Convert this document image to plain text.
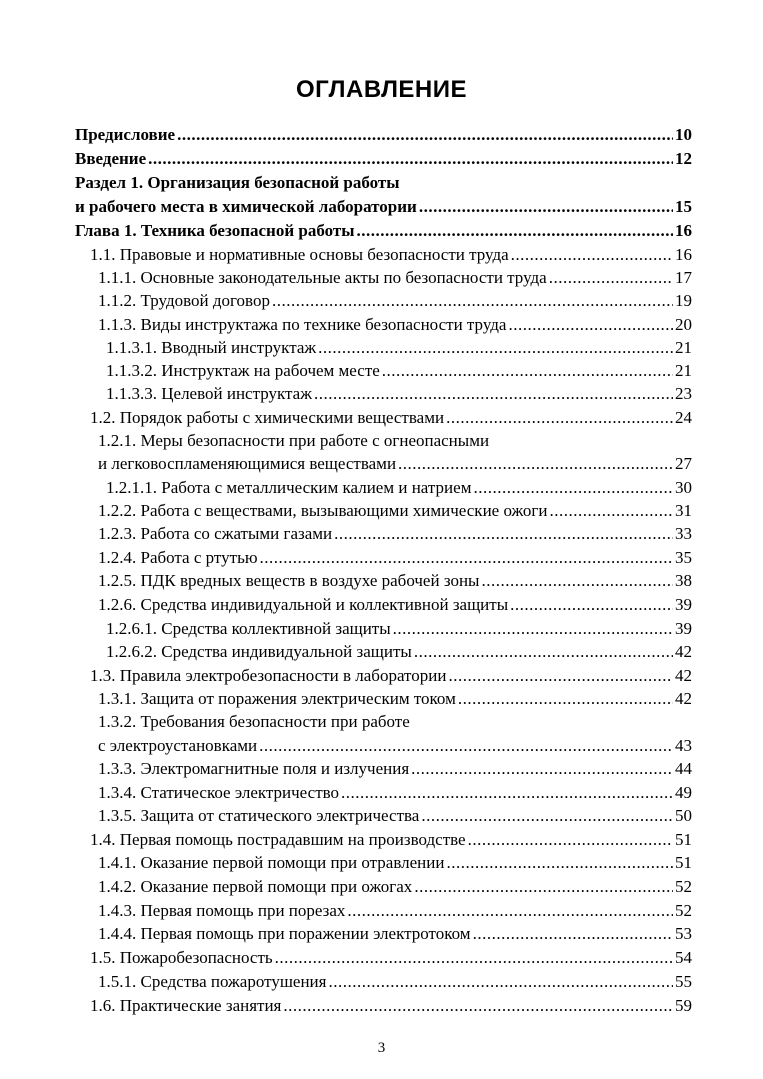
ОГЛАВЛЕНИЕ
Предисловие .....	10
Введение .....	12
Раздел 1. Организация безопасной работы
и рабочего места в химической лаборатории .....	15
Глава 1. Техника безопасной работы .....	16
1.1. Правовые и нормативные основы безопасности труда .....	16
1.1.1. Основные законодательные акты по безопасности труда .....	17
1.1.2. Трудовой договор .....	19
1.1.3. Виды инструктажа по технике безопасности труда .....	20
1.1.3.1. Вводный инструктаж .....	21
1.1.3.2. Инструктаж на рабочем месте .....	21
1.1.3.3. Целевой инструктаж .....	23
1.2. Порядок работы с химическими веществами .....	24
1.2.1. Меры безопасности при работе с огнеопасными
и легковоспламеняющимися веществами .....	27
1.2.1.1. Работа с металлическим калием и натрием .....	30
1.2.2. Работа с веществами, вызывающими химические ожоги .....	31
1.2.3. Работа со сжатыми газами .....	33
1.2.4. Работа с ртутью .....	35
1.2.5. ПДК вредных веществ в воздухе рабочей зоны .....	38
1.2.6. Средства индивидуальной и коллективной защиты .....	39
1.2.6.1. Средства коллективной защиты .....	39
1.2.6.2. Средства индивидуальной защиты .....	42
1.3. Правила электробезопасности в лаборатории .....	42
1.3.1. Защита от поражения электрическим током .....	42
1.3.2. Требования безопасности при работе
с электроустановками .....	43
1.3.3. Электромагнитные поля и излучения .....	44
1.3.4. Статическое электричество .....	49
1.3.5. Защита от статического электричества .....	50
1.4. Первая помощь пострадавшим на производстве .....	51
1.4.1. Оказание первой помощи при отравлении .....	51
1.4.2. Оказание первой помощи при ожогах .....	52
1.4.3. Первая помощь при порезах .....	52
1.4.4. Первая помощь при поражении электротоком .....	53
1.5. Пожаробезопасность .....	54
1.5.1. Средства пожаротушения .....	55
1.6. Практические занятия .....	59
3
